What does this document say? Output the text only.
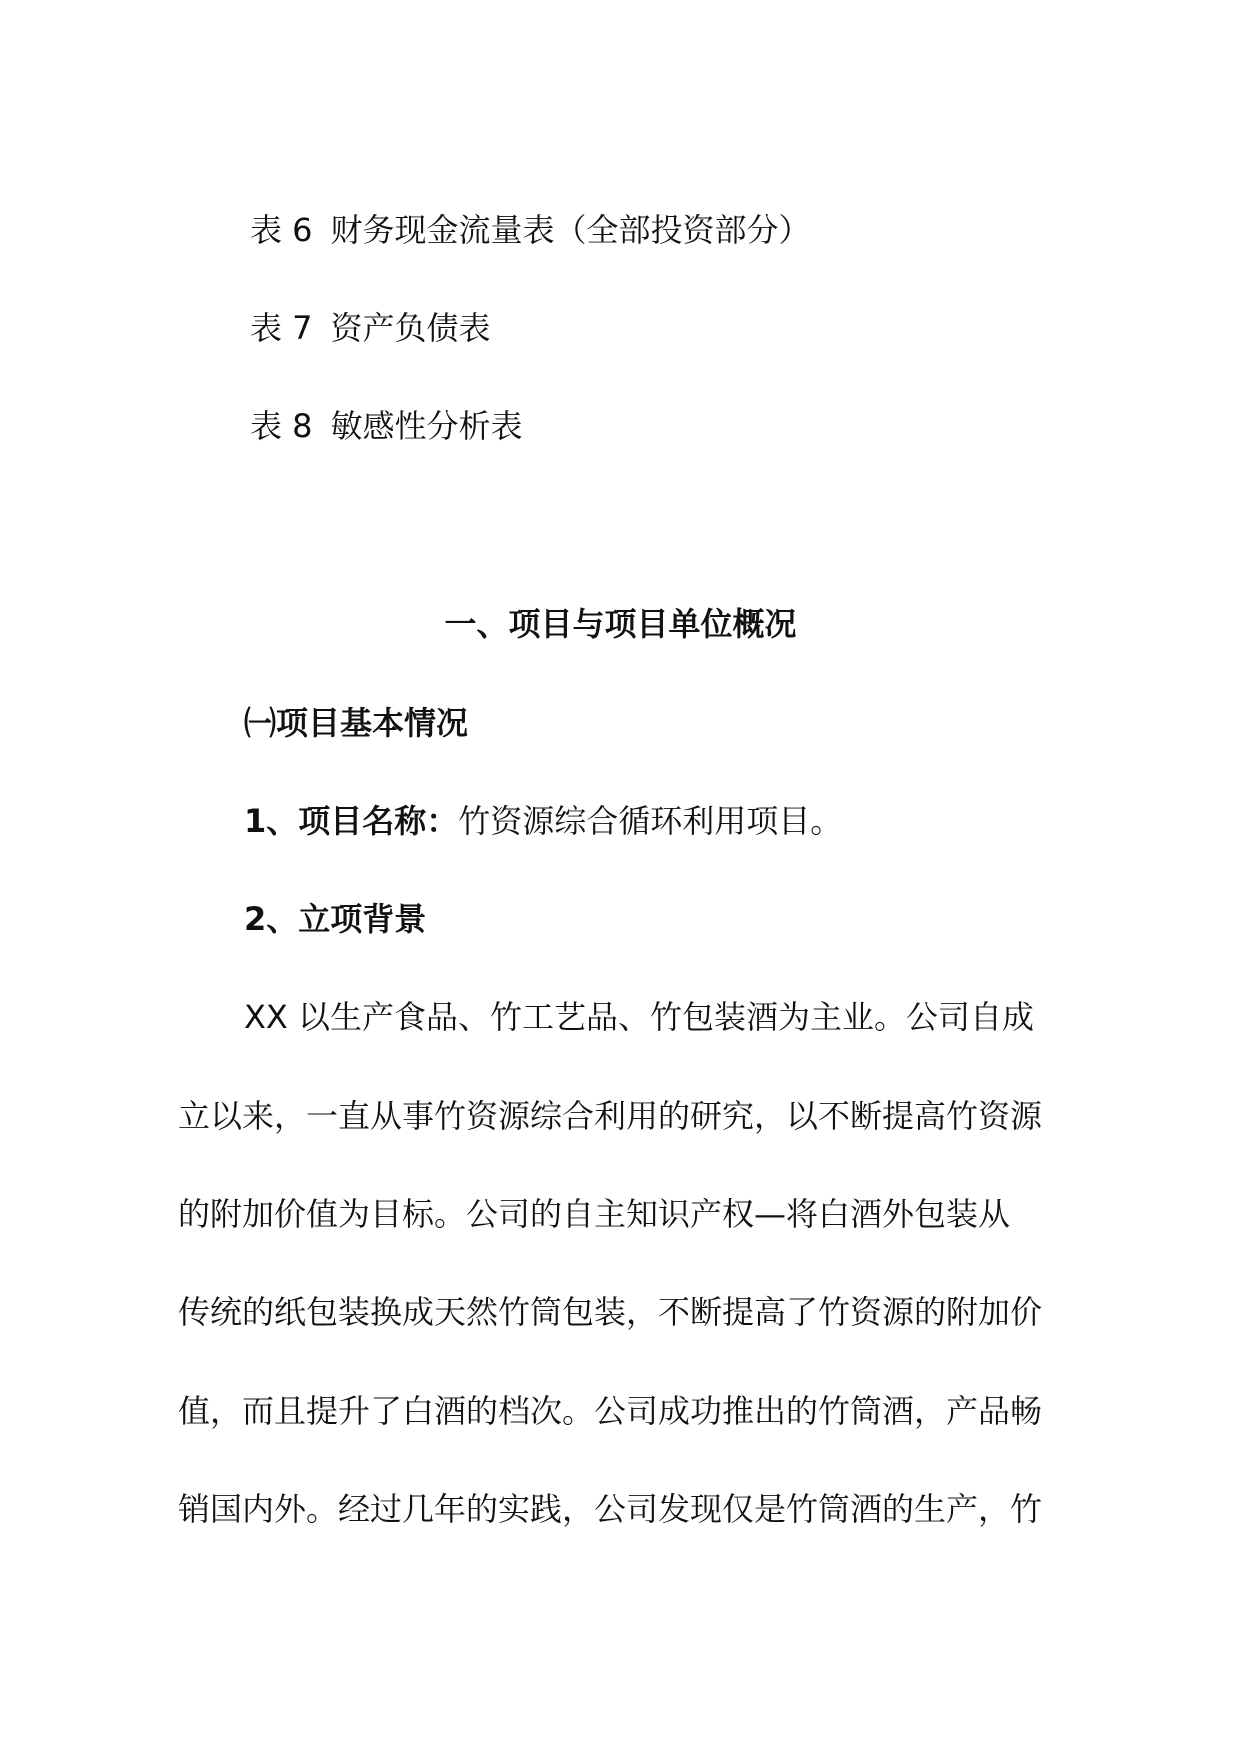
表 6 财务现金流量表（全部投资部分）
表 7 资产负债表
表 8 敏感性分析表
一、项目与项目单位概况
㈠项目基本情况
1、项目名称：竹资源综合循环利用项目。
2、立项背景
XX 以生产食品、竹工艺品、竹包装酒为主业。公司自成
立以来，一直从事竹资源综合利用的研究，以不断提高竹资源
的附加价值为目标。公司的自主知识产权—将白酒外包装从
传统的纸包装换成天然竹筒包装，不断提高了竹资源的附加价
值，而且提升了白酒的档次。公司成功推出的竹筒酒，产品畅
销国内外。经过几年的实践，公司发现仅是竹筒酒的生产，竹
